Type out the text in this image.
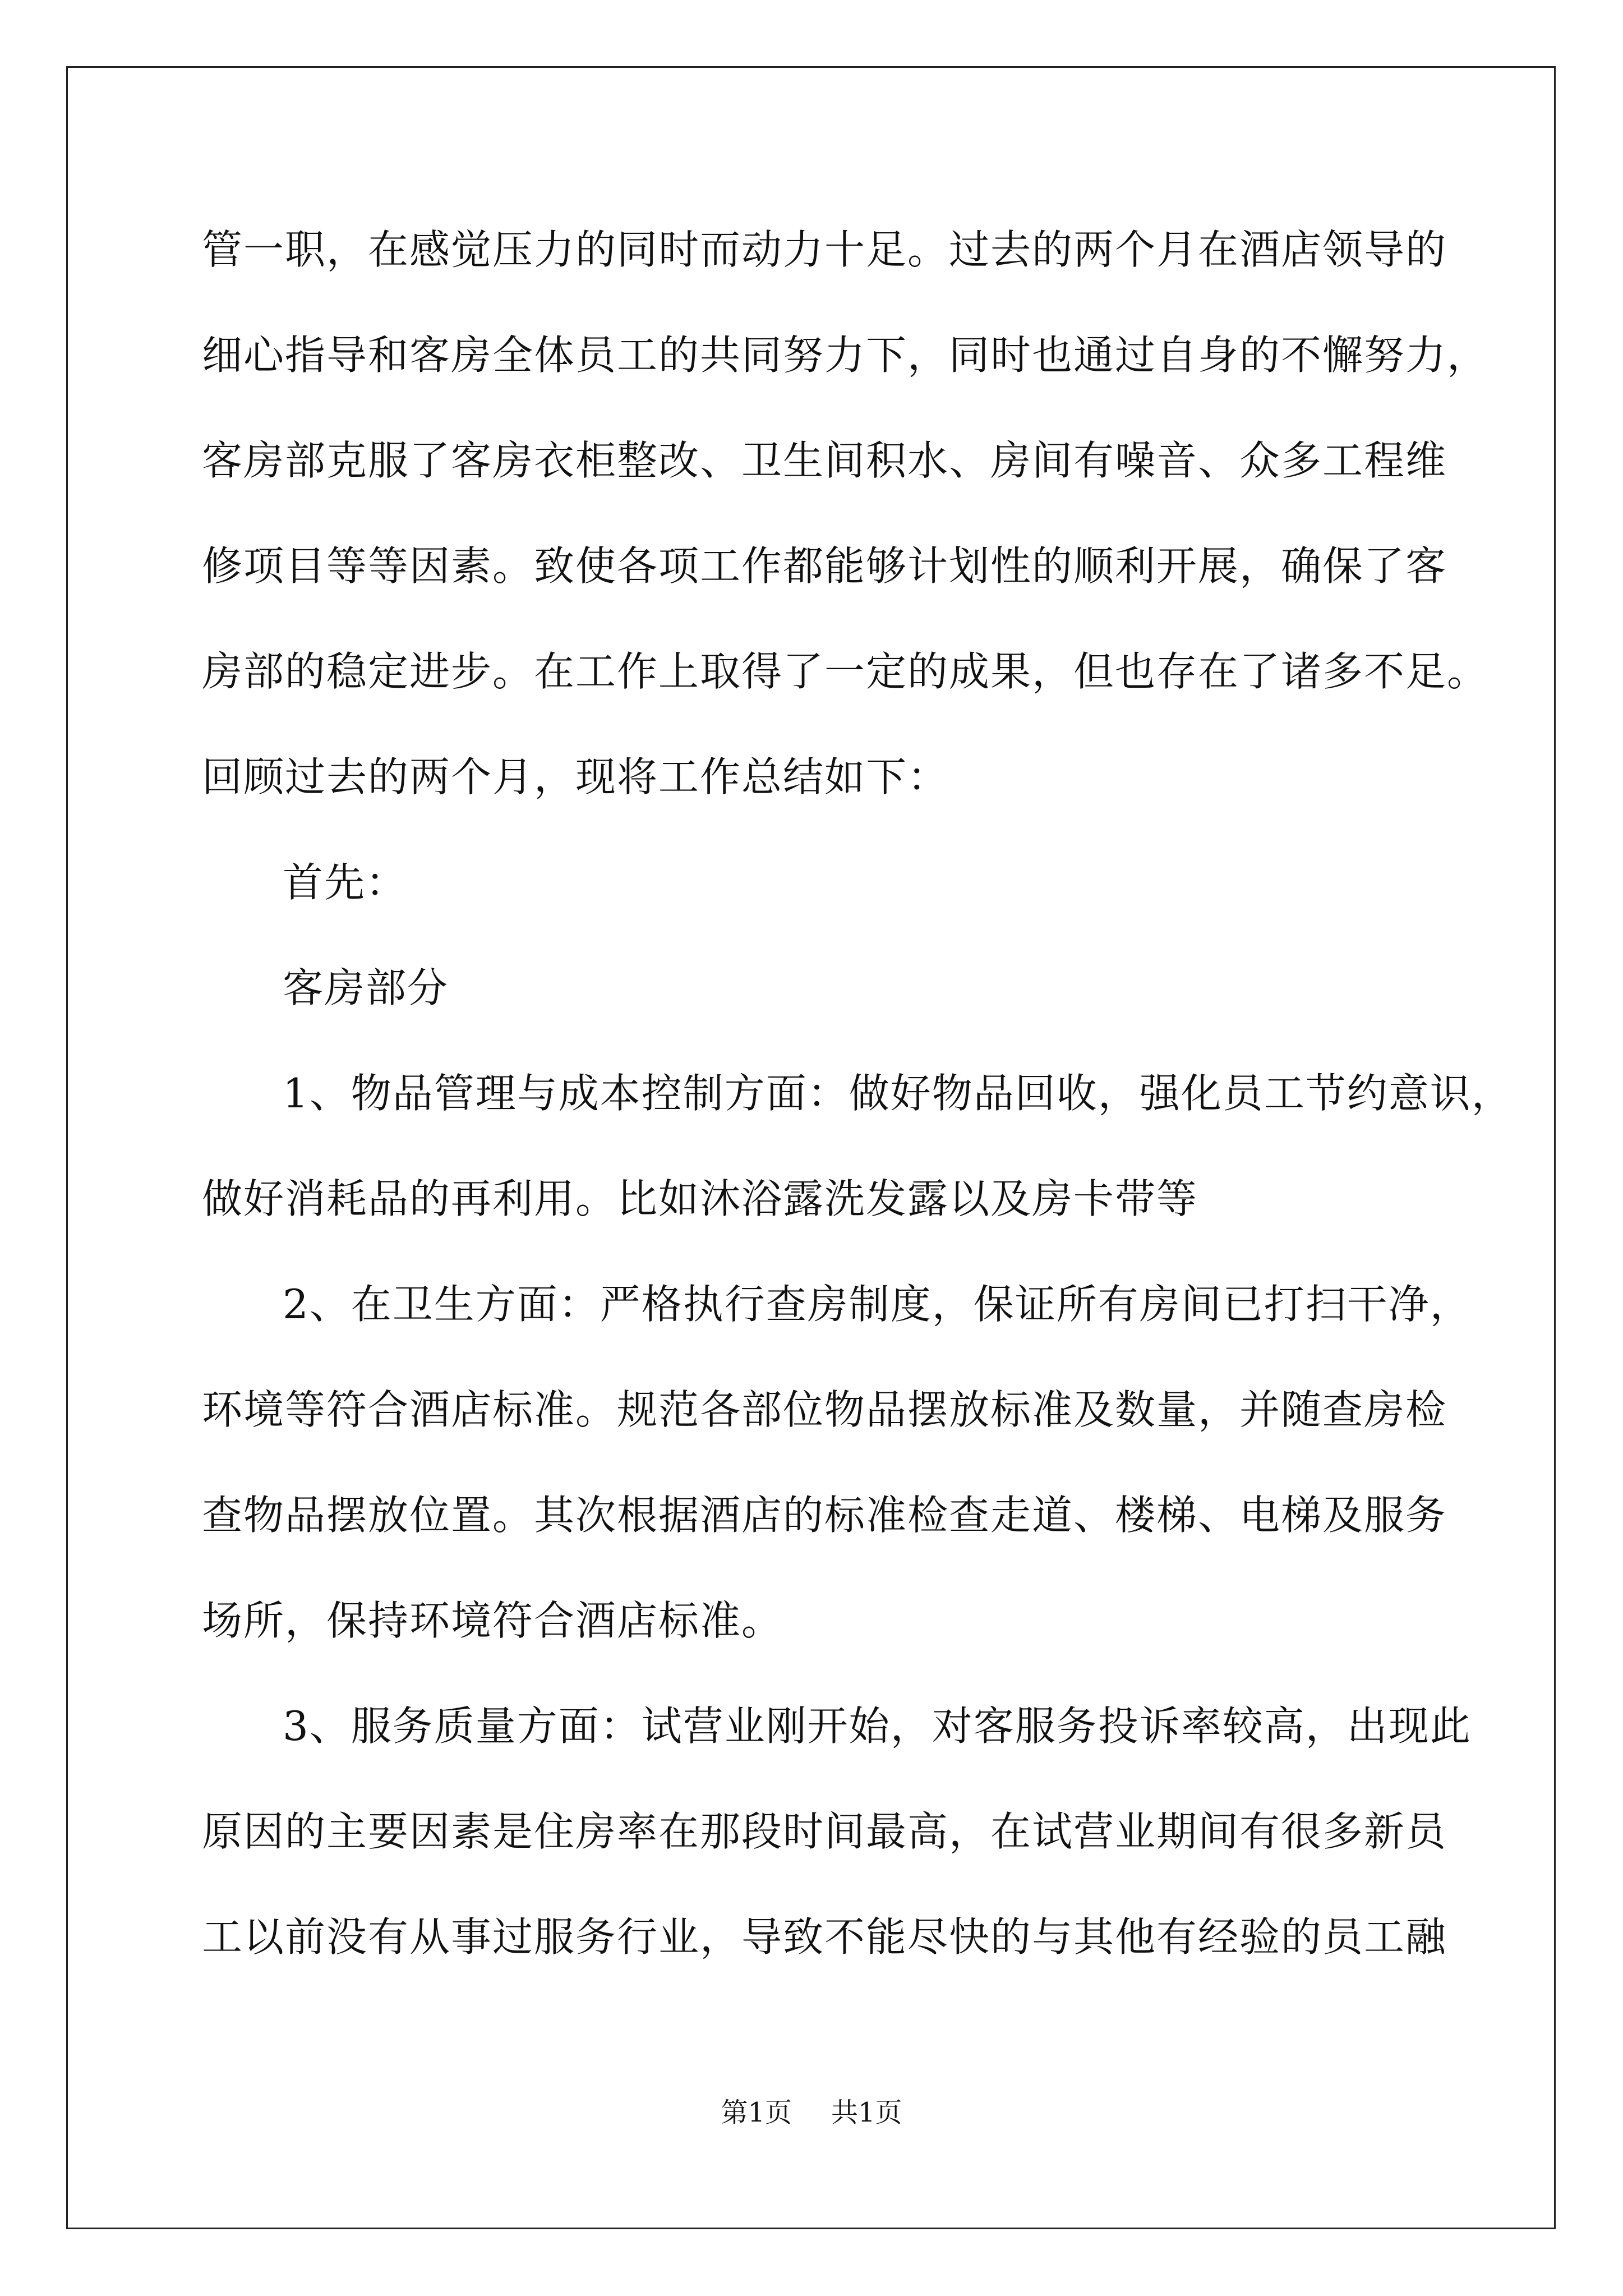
管一职，在感觉压力的同时而动力十足。过去的两个月在酒店领导的
细心指导和客房全体员工的共同努力下，同时也通过自身的不懈努力，
客房部克服了客房衣柜整改、卫生间积水、房间有噪音、众多工程维
修项目等等因素。致使各项工作都能够计划性的顺利开展，确保了客
房部的稳定进步。在工作上取得了一定的成果，但也存在了诸多不足。
回顾过去的两个月，现将工作总结如下：
首先：
客房部分
1、物品管理与成本控制方面：做好物品回收，强化员工节约意识，
做好消耗品的再利用。比如沐浴露洗发露以及房卡带等
2、在卫生方面：严格执行查房制度，保证所有房间已打扫干净，
环境等符合酒店标准。规范各部位物品摆放标准及数量，并随查房检
查物品摆放位置。其次根据酒店的标准检查走道、楼梯、电梯及服务
场所，保持环境符合酒店标准。
3、服务质量方面：试营业刚开始，对客服务投诉率较高，出现此
原因的主要因素是住房率在那段时间最高，在试营业期间有很多新员
工以前没有从事过服务行业，导致不能尽快的与其他有经验的员工融
第1页 共1页
